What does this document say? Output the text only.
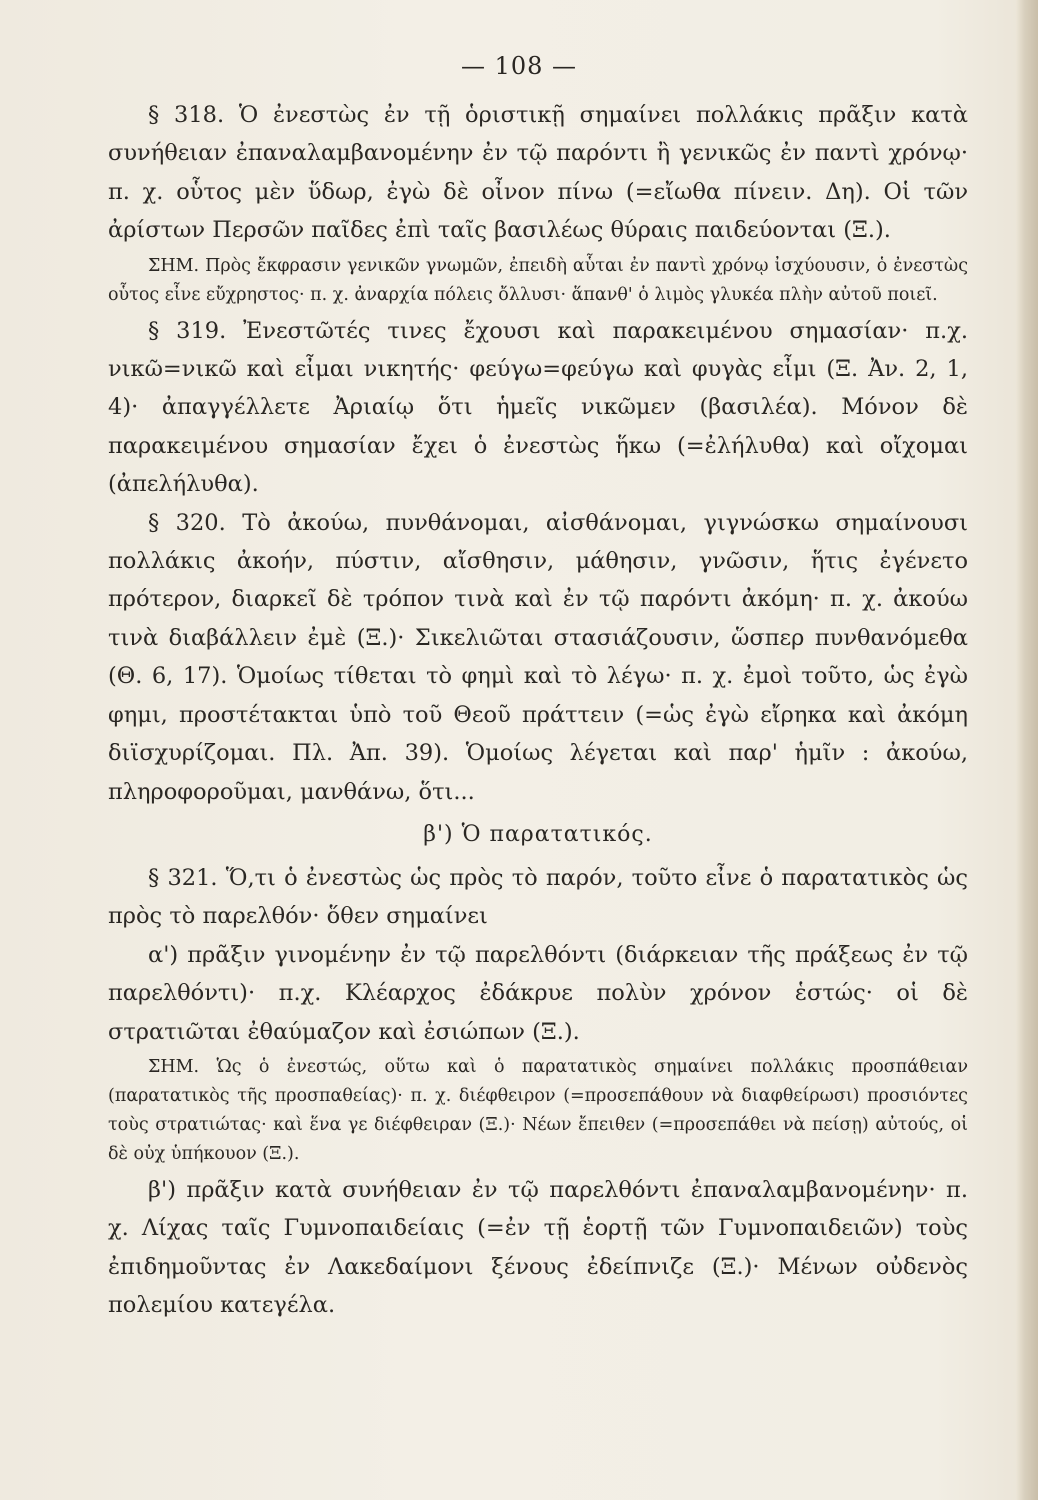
— 108 —

§ 318. Ὁ ἐνεστὼς ἐν τῇ ὁριστικῇ σημαίνει πολλάκις πρᾶξιν κατὰ συνήθειαν ἐπαναλαμβανομένην ἐν τῷ παρόντι ἢ γενικῶς ἐν παντὶ χρόνῳ· π. χ. οὗτος μὲν ὕδωρ, ἐγὼ δὲ οἶνον πίνω (=εἴωθα πίνειν. Δη). Οἱ τῶν ἀρίστων Περσῶν παῖδες ἐπὶ ταῖς βασιλέως θύραις παιδεύονται (Ξ.).

ΣΗΜ. Πρὸς ἔκφρασιν γενικῶν γνωμῶν, ἐπειδὴ αὗται ἐν παντὶ χρόνῳ ἰσχύουσιν, ὁ ἐνεστὼς οὗτος εἶνε εὔχρηστος· π. χ. ἀναρχία πόλεις ὄλλυσι· ἅπανθ' ὁ λιμὸς γλυκέα πλὴν αὐτοῦ ποιεῖ.

§ 319. Ἐνεστῶτές τινες ἔχουσι καὶ παρακειμένου σημασίαν· π.χ. νικῶ=νικῶ καὶ εἶμαι νικητής· φεύγω=φεύγω καὶ φυγὰς εἶμι (Ξ. Ἀν. 2, 1, 4)· ἀπαγγέλλετε Ἀριαίῳ ὅτι ἡμεῖς νικῶμεν (βασιλέα). Μόνον δὲ παρακειμένου σημασίαν ἔχει ὁ ἐνεστὼς ἥκω (=ἐλήλυθα) καὶ οἴχομαι (ἀπελήλυθα).

§ 320. Τὸ ἀκούω, πυνθάνομαι, αἰσθάνομαι, γιγνώσκω σημαίνουσι πολλάκις ἀκοήν, πύστιν, αἴσθησιν, μάθησιν, γνῶσιν, ἥτις ἐγένετο πρότερον, διαρκεῖ δὲ τρόπον τινὰ καὶ ἐν τῷ παρόντι ἀκόμη· π. χ. ἀκούω τινὰ διαβάλλειν ἐμὲ (Ξ.)· Σικελιῶται στασιάζουσιν, ὥσπερ πυνθανόμεθα (Θ. 6, 17). Ὁμοίως τίθεται τὸ φημὶ καὶ τὸ λέγω· π. χ. ἐμοὶ τοῦτο, ὡς ἐγὼ φημι, προστέτακται ὑπὸ τοῦ Θεοῦ πράττειν (=ὡς ἐγὼ εἴρηκα καὶ ἀκόμη διϊσχυρίζομαι. Πλ. Ἀπ. 39). Ὁμοίως λέγεται καὶ παρ' ἡμῖν : ἀκούω, πληροφοροῦμαι, μανθάνω, ὅτι...

β') Ὁ παρατατικός.

§ 321. Ὅ,τι ὁ ἐνεστὼς ὡς πρὸς τὸ παρόν, τοῦτο εἶνε ὁ παρατατικὸς ὡς πρὸς τὸ παρελθόν· ὅθεν σημαίνει

α') πρᾶξιν γινομένην ἐν τῷ παρελθόντι (διάρκειαν τῆς πράξεως ἐν τῷ παρελθόντι)· π.χ. Κλέαρχος ἐδάκρυε πολὺν χρόνον ἑστώς· οἱ δὲ στρατιῶται ἐθαύμαζον καὶ ἐσιώπων (Ξ.).

ΣΗΜ. Ὡς ὁ ἐνεστώς, οὕτω καὶ ὁ παρατατικὸς σημαίνει πολλάκις προσπάθειαν (παρατατικὸς τῆς προσπαθείας)· π. χ. διέφθειρον (=προσεπάθουν νὰ διαφθείρωσι) προσιόντες τοὺς στρατιώτας· καὶ ἕνα γε διέφθειραν (Ξ.)· Νέων ἔπειθεν (=προσεπάθει νὰ πείσῃ) αὐτούς, οἱ δὲ οὐχ ὑπήκουον (Ξ.).

β') πρᾶξιν κατὰ συνήθειαν ἐν τῷ παρελθόντι ἐπαναλαμβανομένην· π. χ. Λίχας ταῖς Γυμνοπαιδείαις (=ἐν τῇ ἑορτῇ τῶν Γυμνοπαιδειῶν) τοὺς ἐπιδημοῦντας ἐν Λακεδαίμονι ξένους ἐδείπνιζε (Ξ.)· Μένων οὐδενὸς πολεμίου κατεγέλα.
